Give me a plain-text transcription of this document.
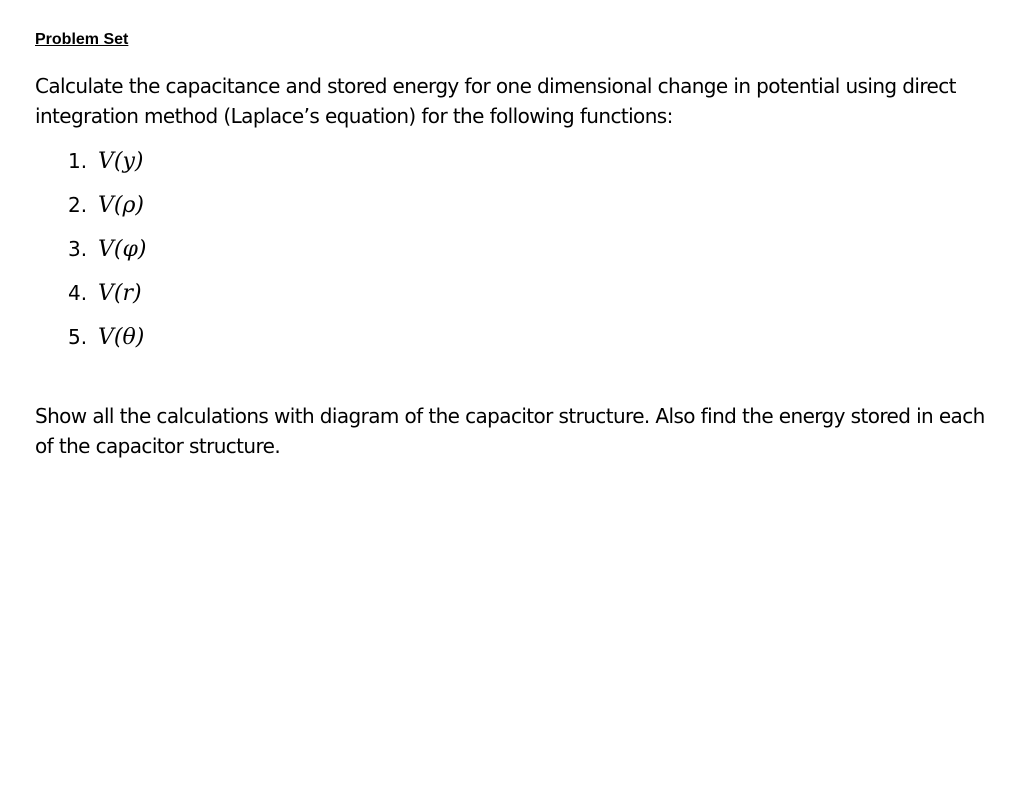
Problem Set
Calculate the capacitance and stored energy for one dimensional change in potential using direct integration method (Laplace’s equation) for the following functions:
1. V(y)
2. V(ρ)
3. V(φ)
4. V(r)
5. V(θ)
Show all the calculations with diagram of the capacitor structure. Also find the energy stored in each of the capacitor structure.
